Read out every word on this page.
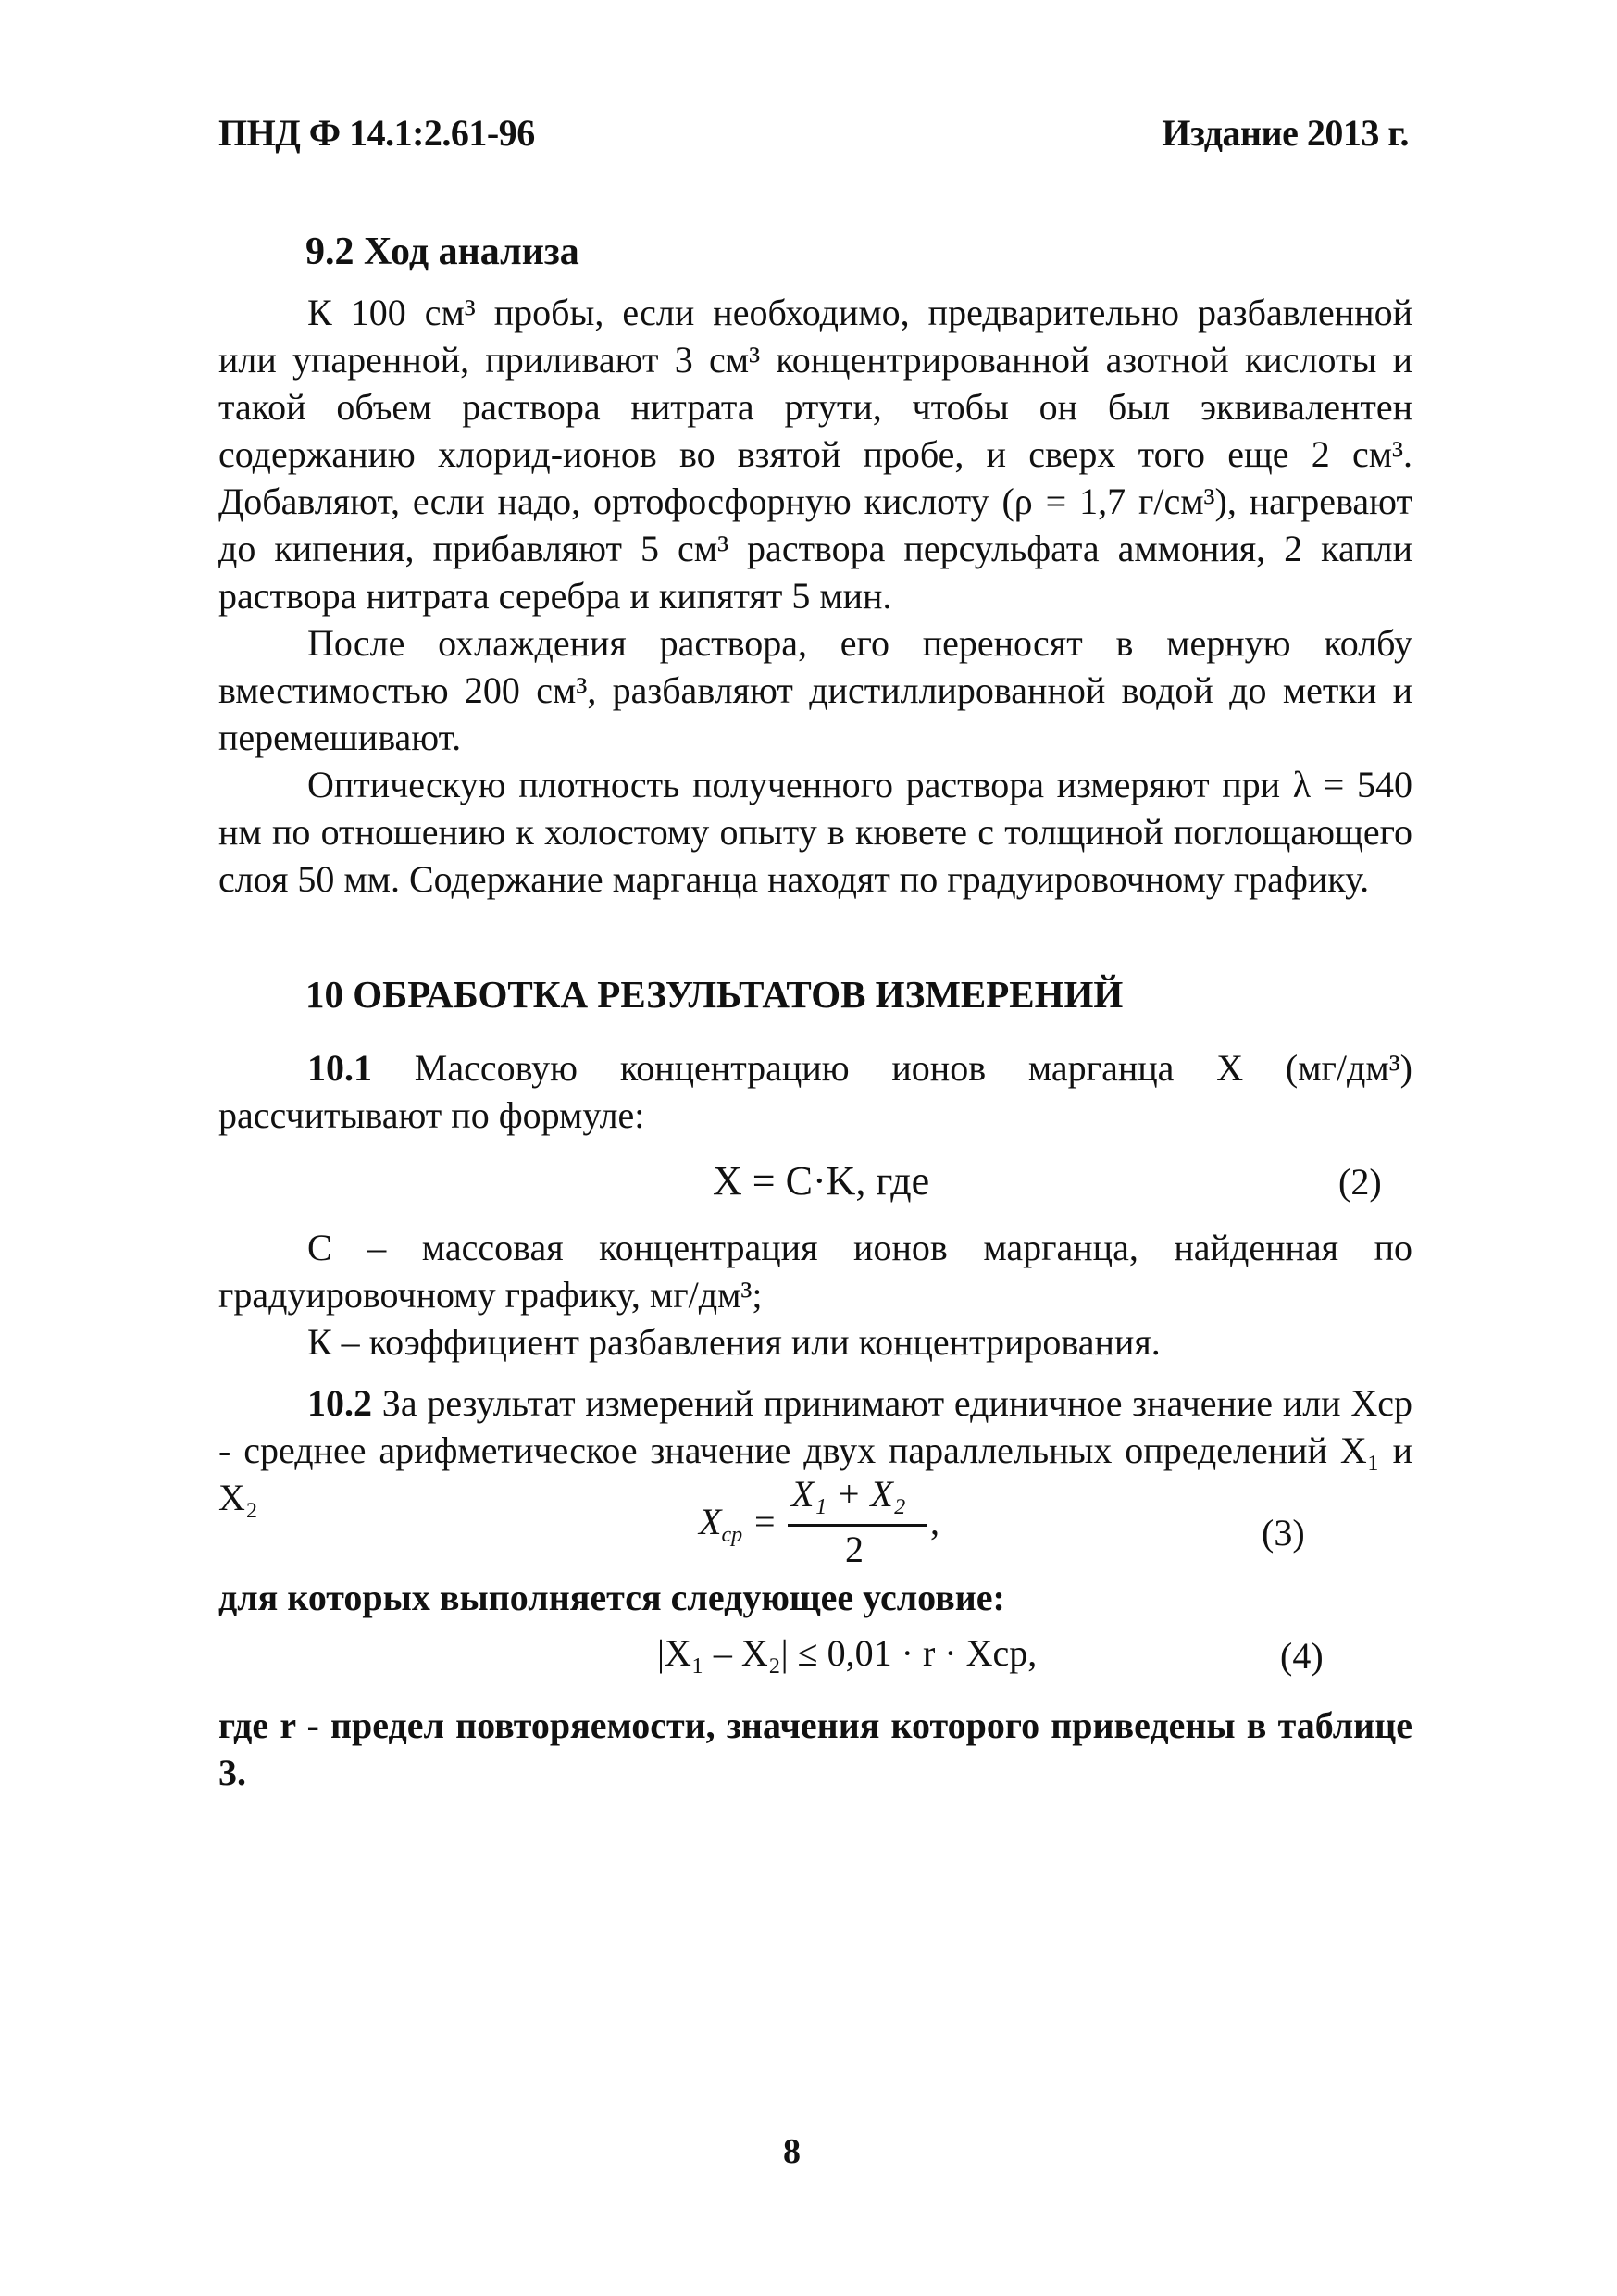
ПНД Ф 14.1:2.61-96	Издание 2013 г.
9.2 Ход анализа

К 100 см³ пробы, если необходимо, предварительно разбавленной или упаренной, приливают 3 см³ концентрированной азотной кислоты и такой объем раствора нитрата ртути, чтобы он был эквивалентен содержанию хлорид-ионов во взятой пробе, и сверх того еще 2 см³. Добавляют, если надо, ортофосфорную кислоту (ρ = 1,7 г/см³), нагревают до кипения, прибавляют 5 см³ раствора персульфата аммония, 2 капли раствора нитрата серебра и кипятят 5 мин.

После охлаждения раствора, его переносят в мерную колбу вместимостью 200 см³, разбавляют дистиллированной водой до метки и перемешивают.

Оптическую плотность полученного раствора измеряют при λ = 540 нм по отношению к холостому опыту в кювете с толщиной поглощающего слоя 50 мм. Содержание марганца находят по градуировочному графику.

10 ОБРАБОТКА РЕЗУЛЬТАТОВ ИЗМЕРЕНИЙ

10.1 Массовую концентрацию ионов марганца X (мг/дм³) рассчитывают по формуле:

X = C·K, где	(2)

С – массовая концентрация ионов марганца, найденная по градуировочному графику, мг/дм³;

К – коэффициент разбавления или концентрирования.

10.2 За результат измерений принимают единичное значение или Xср - среднее арифметическое значение двух параллельных определений X₁ и X₂

$X_{ср}$ =
X₁ + X₂
2
,	(3)

для которых выполняется следующее условие:

|X₁ – X₂| ≤ 0,01 · r · Xср,	(4)

где r - предел повторяемости, значения которого приведены в таблице 3.

8
